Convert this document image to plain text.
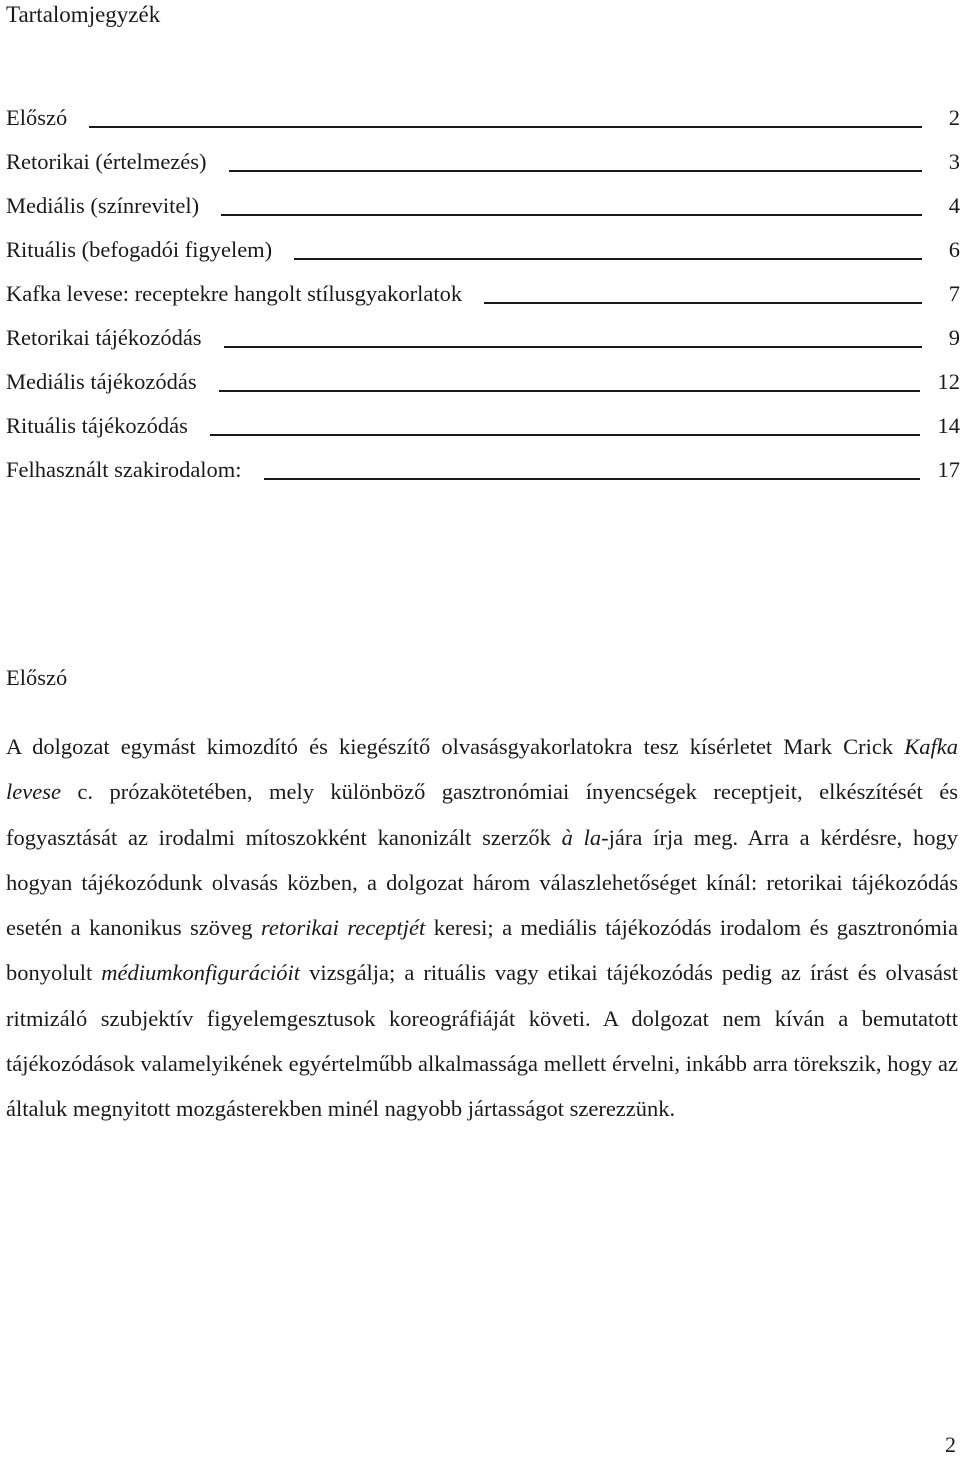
Tartalomjegyzék
Előszó	2
Retorikai (értelmezés)	3
Mediális (színrevitel)	4
Rituális (befogadói figyelem)	6
Kafka levese: receptekre hangolt stílusgyakorlatok	7
Retorikai tájékozódás	9
Mediális tájékozódás	12
Rituális tájékozódás	14
Felhasznált szakirodalom:	17
Előszó

A dolgozat egymást kimozdító és kiegészítő olvasásgyakorlatokra tesz kísérletet Mark Crick Kafka levese c. prózakötetében, mely különböző gasztronómiai ínyencségek receptjeit, elkészítését és fogyasztását az irodalmi mítoszokként kanonizált szerzők à la-jára írja meg. Arra a kérdésre, hogy hogyan tájékozódunk olvasás közben, a dolgozat három válaszlehetőséget kínál: retorikai tájékozódás esetén a kanonikus szöveg retorikai receptjét keresi; a mediális tájékozódás irodalom és gasztronómia bonyolult médiumkonfigurációit vizsgálja; a rituális vagy etikai tájékozódás pedig az írást és olvasást ritmizáló szubjektív figyelemgesztusok koreográfiáját követi. A dolgozat nem kíván a bemutatott tájékozódások valamelyikének egyértelműbb alkalmassága mellett érvelni, inkább arra törekszik, hogy az általuk megnyitott mozgásterekben minél nagyobb jártasságot szerezzünk.

2
